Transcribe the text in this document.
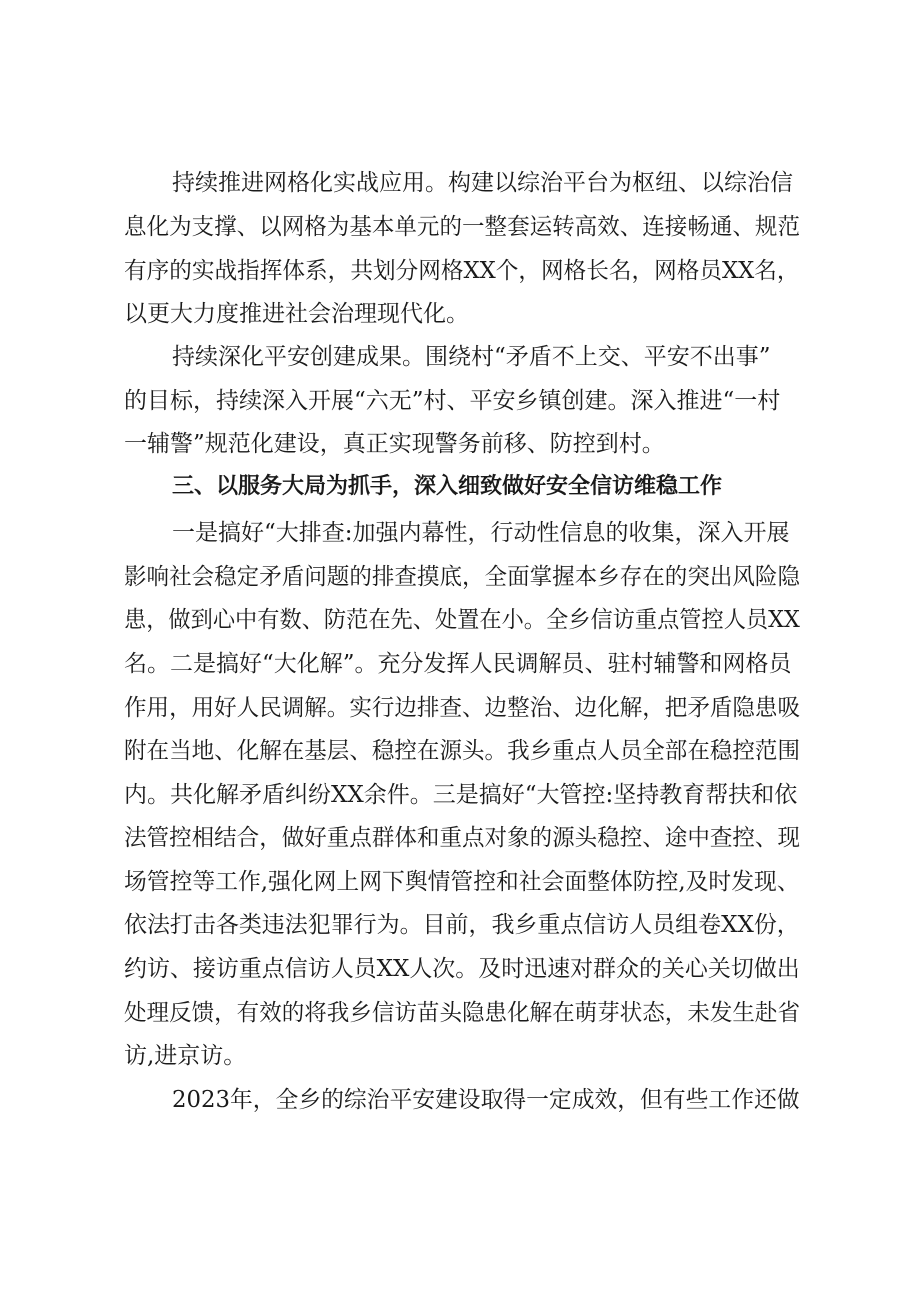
持续推进网格化实战应用。构建以综治平台为枢纽、以综治信
息化为支撑、以网格为基本单元的一整套运转高效、连接畅通、规范
有序的实战指挥体系，共划分网格XX个，网格长名，网格员XX名，
以更大力度推进社会治理现代化。
持续深化平安创建成果。围绕村“矛盾不上交、平安不出事”
的目标，持续深入开展“六无”村、平安乡镇创建。深入推进“一村
一辅警”规范化建设，真正实现警务前移、防控到村。
三、以服务大局为抓手，深入细致做好安全信访维稳工作
一是搞好“大排查:加强内幕性，行动性信息的收集，深入开展
影响社会稳定矛盾问题的排查摸底，全面掌握本乡存在的突出风险隐
患，做到心中有数、防范在先、处置在小。全乡信访重点管控人员XX
名。二是搞好“大化解”。充分发挥人民调解员、驻村辅警和网格员
作用，用好人民调解。实行边排查、边整治、边化解，把矛盾隐患吸
附在当地、化解在基层、稳控在源头。我乡重点人员全部在稳控范围
内。共化解矛盾纠纷XX余件。三是搞好“大管控:坚持教育帮扶和依
法管控相结合，做好重点群体和重点对象的源头稳控、途中查控、现
场管控等工作,强化网上网下舆情管控和社会面整体防控,及时发现、
依法打击各类违法犯罪行为。目前，我乡重点信访人员组卷XX份，
约访、接访重点信访人员XX人次。及时迅速对群众的关心关切做出
处理反馈，有效的将我乡信访苗头隐患化解在萌芽状态，未发生赴省
访,进京访。
2023年，全乡的综治平安建设取得一定成效，但有些工作还做
